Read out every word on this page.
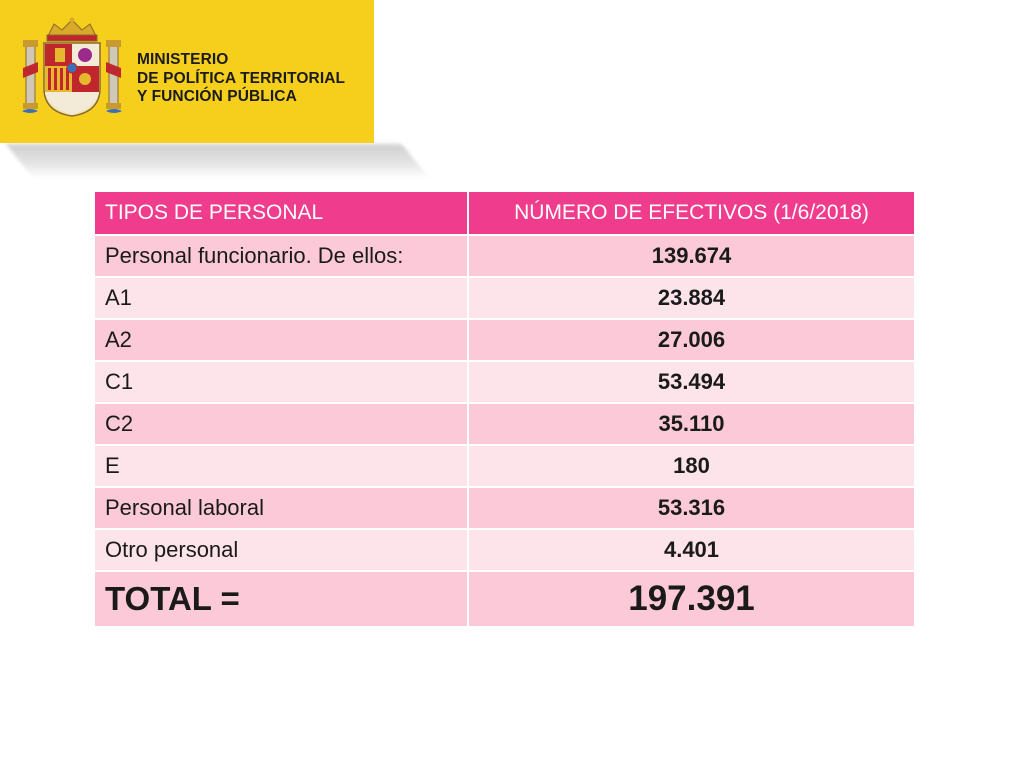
MINISTERIO
DE POLÍTICA TERRITORIAL
Y FUNCIÓN PÚBLICA
TIPOS DE PERSONAL	NÚMERO DE EFECTIVOS (1/6/2018)
Personal funcionario. De ellos:	139.674
A1	23.884
A2	27.006
C1	53.494
C2	35.110
E	180
Personal laboral	53.316
Otro personal	4.401
TOTAL =	197.391
